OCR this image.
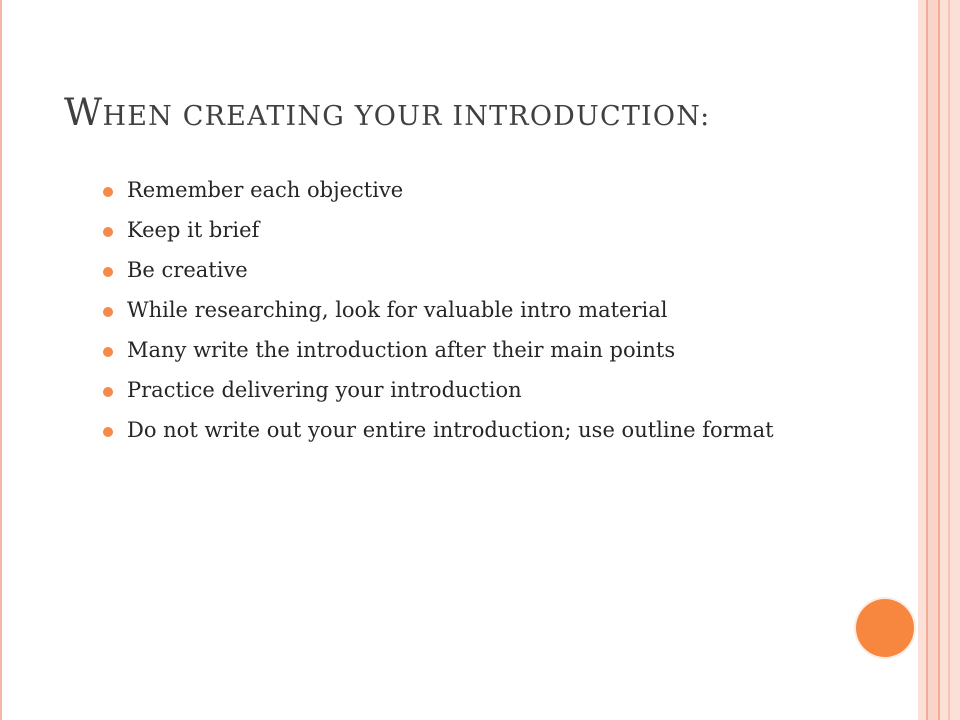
WHEN CREATING YOUR INTRODUCTION:
Remember each objective
Keep it brief
Be creative
While researching, look for valuable intro material
Many write the introduction after their main points
Practice delivering your introduction
Do not write out your entire introduction; use outline format
